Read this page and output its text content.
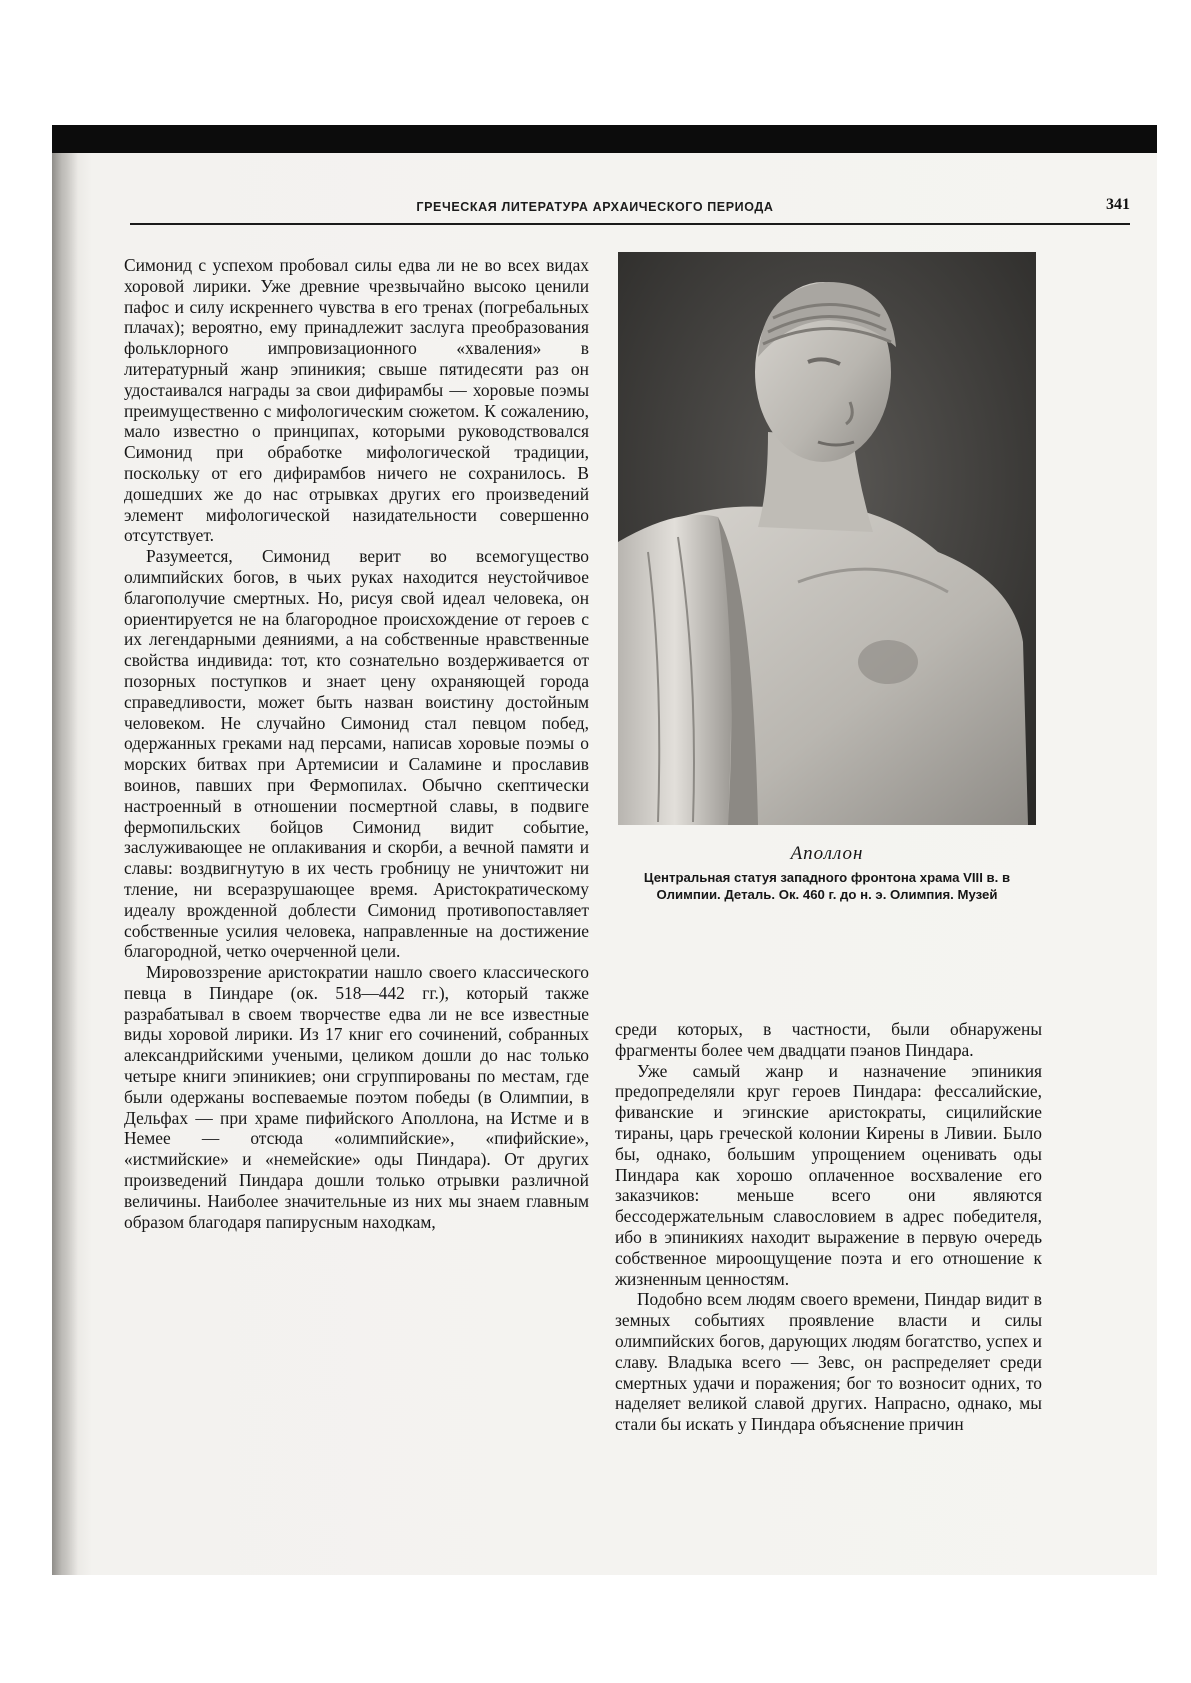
ГРЕЧЕСКАЯ ЛИТЕРАТУРА АРХАИЧЕСКОГО ПЕРИОДА	341

Симонид с успехом пробовал силы едва ли не во всех видах хоровой лирики. Уже древние чрезвычайно высоко ценили пафос и силу искреннего чувства в его тренах (погребальных плачах); вероятно, ему принадлежит заслуга преобразования фольклорного импровизационного «хваления» в литературный жанр эпиникия; свыше пятидесяти раз он удостаивался награды за свои дифирамбы — хоровые поэмы преимущественно с мифологическим сюжетом. К сожалению, мало известно о принципах, которыми руководствовался Симонид при обработке мифологической традиции, поскольку от его дифирамбов ничего не сохранилось. В дошедших же до нас отрывках других его произведений элемент мифологической назидательности совершенно отсутствует.

Разумеется, Симонид верит во всемогущество олимпийских богов, в чьих руках находится неустойчивое благополучие смертных. Но, рисуя свой идеал человека, он ориентируется не на благородное происхождение от героев с их легендарными деяниями, а на собственные нравственные свойства индивида: тот, кто сознательно воздерживается от позорных поступков и знает цену охраняющей города справедливости, может быть назван воистину достойным человеком. Не случайно Симонид стал певцом побед, одержанных греками над персами, написав хоровые поэмы о морских битвах при Артемисии и Саламине и прославив воинов, павших при Фермопилах. Обычно скептически настроенный в отношении посмертной славы, в подвиге фермопильских бойцов Симонид видит событие, заслуживающее не оплакивания и скорби, а вечной памяти и славы: воздвигнутую в их честь гробницу не уничтожит ни тление, ни всеразрушающее время. Аристократическому идеалу врожденной доблести Симонид противопоставляет собственные усилия человека, направленные на достижение благородной, четко очерченной цели.

Мировоззрение аристократии нашло своего классического певца в Пиндаре (ок. 518—442 гг.), который также разрабатывал в своем творчестве едва ли не все известные виды хоровой лирики. Из 17 книг его сочинений, собранных александрийскими учеными, целиком дошли до нас только четыре книги эпиникиев; они сгруппированы по местам, где были одержаны воспеваемые поэтом победы (в Олимпии, в Дельфах — при храме пифийского Аполлона, на Истме и в Немее — отсюда «олимпийские», «пифийские», «истмийские» и «немейские» оды Пиндара). От других произведений Пиндара дошли только отрывки различной величины. Наиболее значительные из них мы знаем главным образом благодаря папирусным находкам,

Аполлон
Центральная статуя западного фронтона храма VIII в. в Олимпии. Деталь. Ок. 460 г. до н. э. Олимпия. Музей

среди которых, в частности, были обнаружены фрагменты более чем двадцати пэанов Пиндара.

Уже самый жанр и назначение эпиникия предопределяли круг героев Пиндара: фессалийские, фиванские и эгинские аристократы, сицилийские тираны, царь греческой колонии Кирены в Ливии. Было бы, однако, большим упрощением оценивать оды Пиндара как хорошо оплаченное восхваление его заказчиков: меньше всего они являются бессодержательным славословием в адрес победителя, ибо в эпиникиях находит выражение в первую очередь собственное мироощущение поэта и его отношение к жизненным ценностям.

Подобно всем людям своего времени, Пиндар видит в земных событиях проявление власти и силы олимпийских богов, дарующих людям богатство, успех и славу. Владыка всего — Зевс, он распределяет среди смертных удачи и поражения; бог то возносит одних, то наделяет великой славой других. Напрасно, однако, мы стали бы искать у Пиндара объяснение причин
